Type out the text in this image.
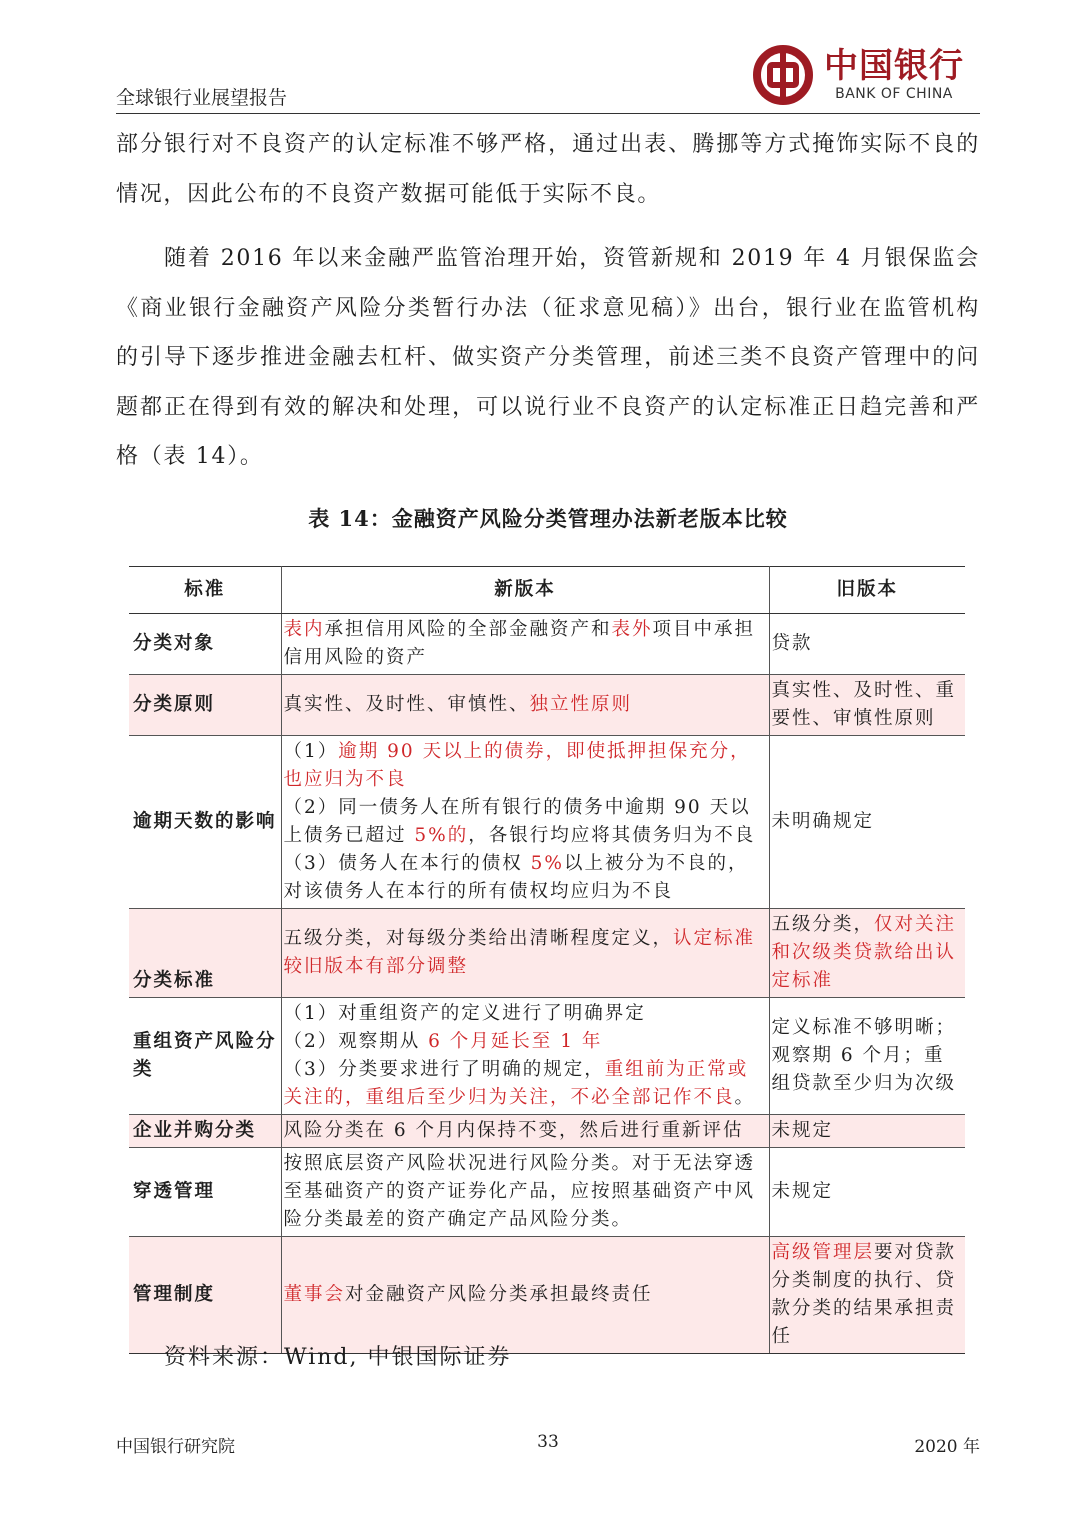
全球银行业展望报告
中国银行
BANK OF CHINA

部分银行对不良资产的认定标准不够严格，通过出表、腾挪等方式掩饰实际不良的情况，因此公布的不良资产数据可能低于实际不良。

随着 2016 年以来金融严监管治理开始，资管新规和 2019 年 4 月银保监会《商业银行金融资产风险分类暂行办法（征求意见稿）》出台，银行业在监管机构的引导下逐步推进金融去杠杆、做实资产分类管理，前述三类不良资产管理中的问题都正在得到有效的解决和处理，可以说行业不良资产的认定标准正日趋完善和严格（表 14）。

表 14：金融资产风险分类管理办法新老版本比较
标准	新版本	旧版本
分类对象	表内承担信用风险的全部金融资产和表外项目中承担信用风险的资产	贷款
分类原则	真实性、及时性、审慎性、独立性原则	真实性、及时性、重要性、审慎性原则
逾期天数的影响	（1）逾期 90 天以上的债券，即使抵押担保充分，也应归为不良
（2）同一债务人在所有银行的债务中逾期 90 天以上债务已超过 5%的，各银行均应将其债务归为不良
（3）债务人在本行的债权 5%以上被分为不良的，对该债务人在本行的所有债权均应归为不良	未明确规定
分类标准	五级分类，对每级分类给出清晰程度定义，认定标准较旧版本有部分调整	五级分类，仅对关注和次级类贷款给出认定标准
重组资产风险分类	（1）对重组资产的定义进行了明确界定
（2）观察期从 6 个月延长至 1 年
（3）分类要求进行了明确的规定，重组前为正常或关注的，重组后至少归为关注，不必全部记作不良。	定义标准不够明晰；观察期 6 个月；重组贷款至少归为次级
企业并购分类	风险分类在 6 个月内保持不变，然后进行重新评估	未规定
穿透管理	按照底层资产风险状况进行风险分类。对于无法穿透至基础资产的资产证券化产品，应按照基础资产中风险分类最差的资产确定产品风险分类。	未规定
管理制度	董事会对金融资产风险分类承担最终责任	高级管理层要对贷款分类制度的执行、贷款分类的结果承担责任
资料来源：Wind, 中银国际证券
中国银行研究院	33	2020 年
